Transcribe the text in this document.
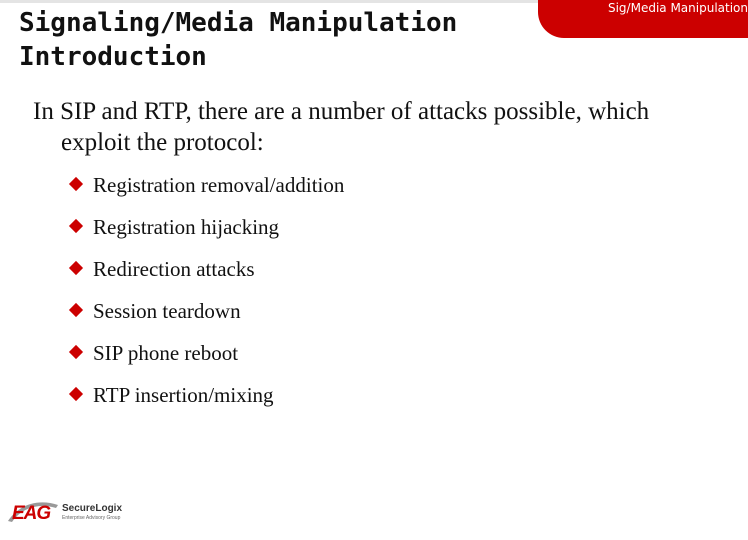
Signaling/Media Manipulation
Introduction
Sig/Media Manipulation
In SIP and RTP, there are a number of attacks possible, which exploit the protocol:
Registration removal/addition
Registration hijacking
Redirection attacks
Session teardown
SIP phone reboot
RTP insertion/mixing
EAG SecureLogix
Enterprise Advisory Group
